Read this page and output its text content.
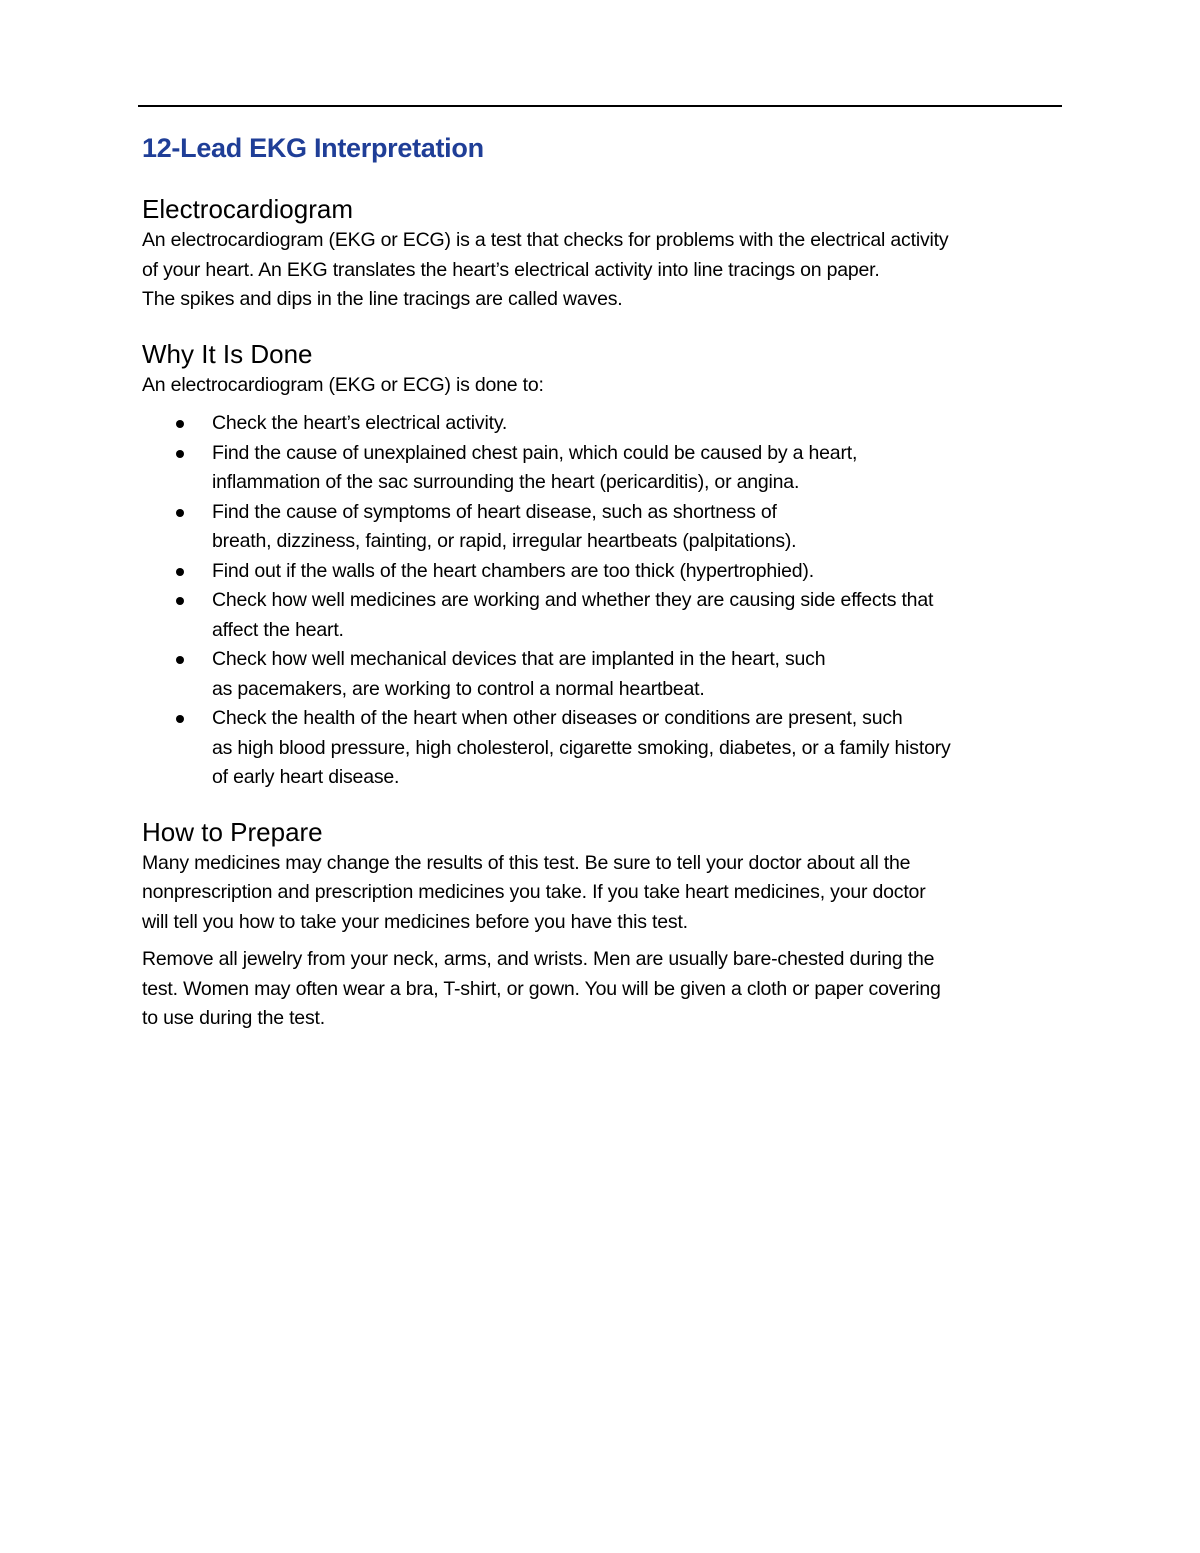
12-Lead EKG Interpretation
Electrocardiogram
An electrocardiogram (EKG or ECG) is a test that checks for problems with the electrical activity
of your heart. An EKG translates the heart’s electrical activity into line tracings on paper.
The spikes and dips in the line tracings are called waves.
Why It Is Done
An electrocardiogram (EKG or ECG) is done to:
Check the heart’s electrical activity.
Find the cause of unexplained chest pain, which could be caused by a heart,
inflammation of the sac surrounding the heart (pericarditis), or angina.
Find the cause of symptoms of heart disease, such as shortness of
breath, dizziness, fainting, or rapid, irregular heartbeats (palpitations).
Find out if the walls of the heart chambers are too thick (hypertrophied).
Check how well medicines are working and whether they are causing side effects that
affect the heart.
Check how well mechanical devices that are implanted in the heart, such
as pacemakers, are working to control a normal heartbeat.
Check the health of the heart when other diseases or conditions are present, such
as high blood pressure, high cholesterol, cigarette smoking, diabetes, or a family history
of early heart disease.
How to Prepare
Many medicines may change the results of this test. Be sure to tell your doctor about all the
nonprescription and prescription medicines you take. If you take heart medicines, your doctor
will tell you how to take your medicines before you have this test.
Remove all jewelry from your neck, arms, and wrists. Men are usually bare-chested during the
test. Women may often wear a bra, T-shirt, or gown. You will be given a cloth or paper covering
to use during the test.
